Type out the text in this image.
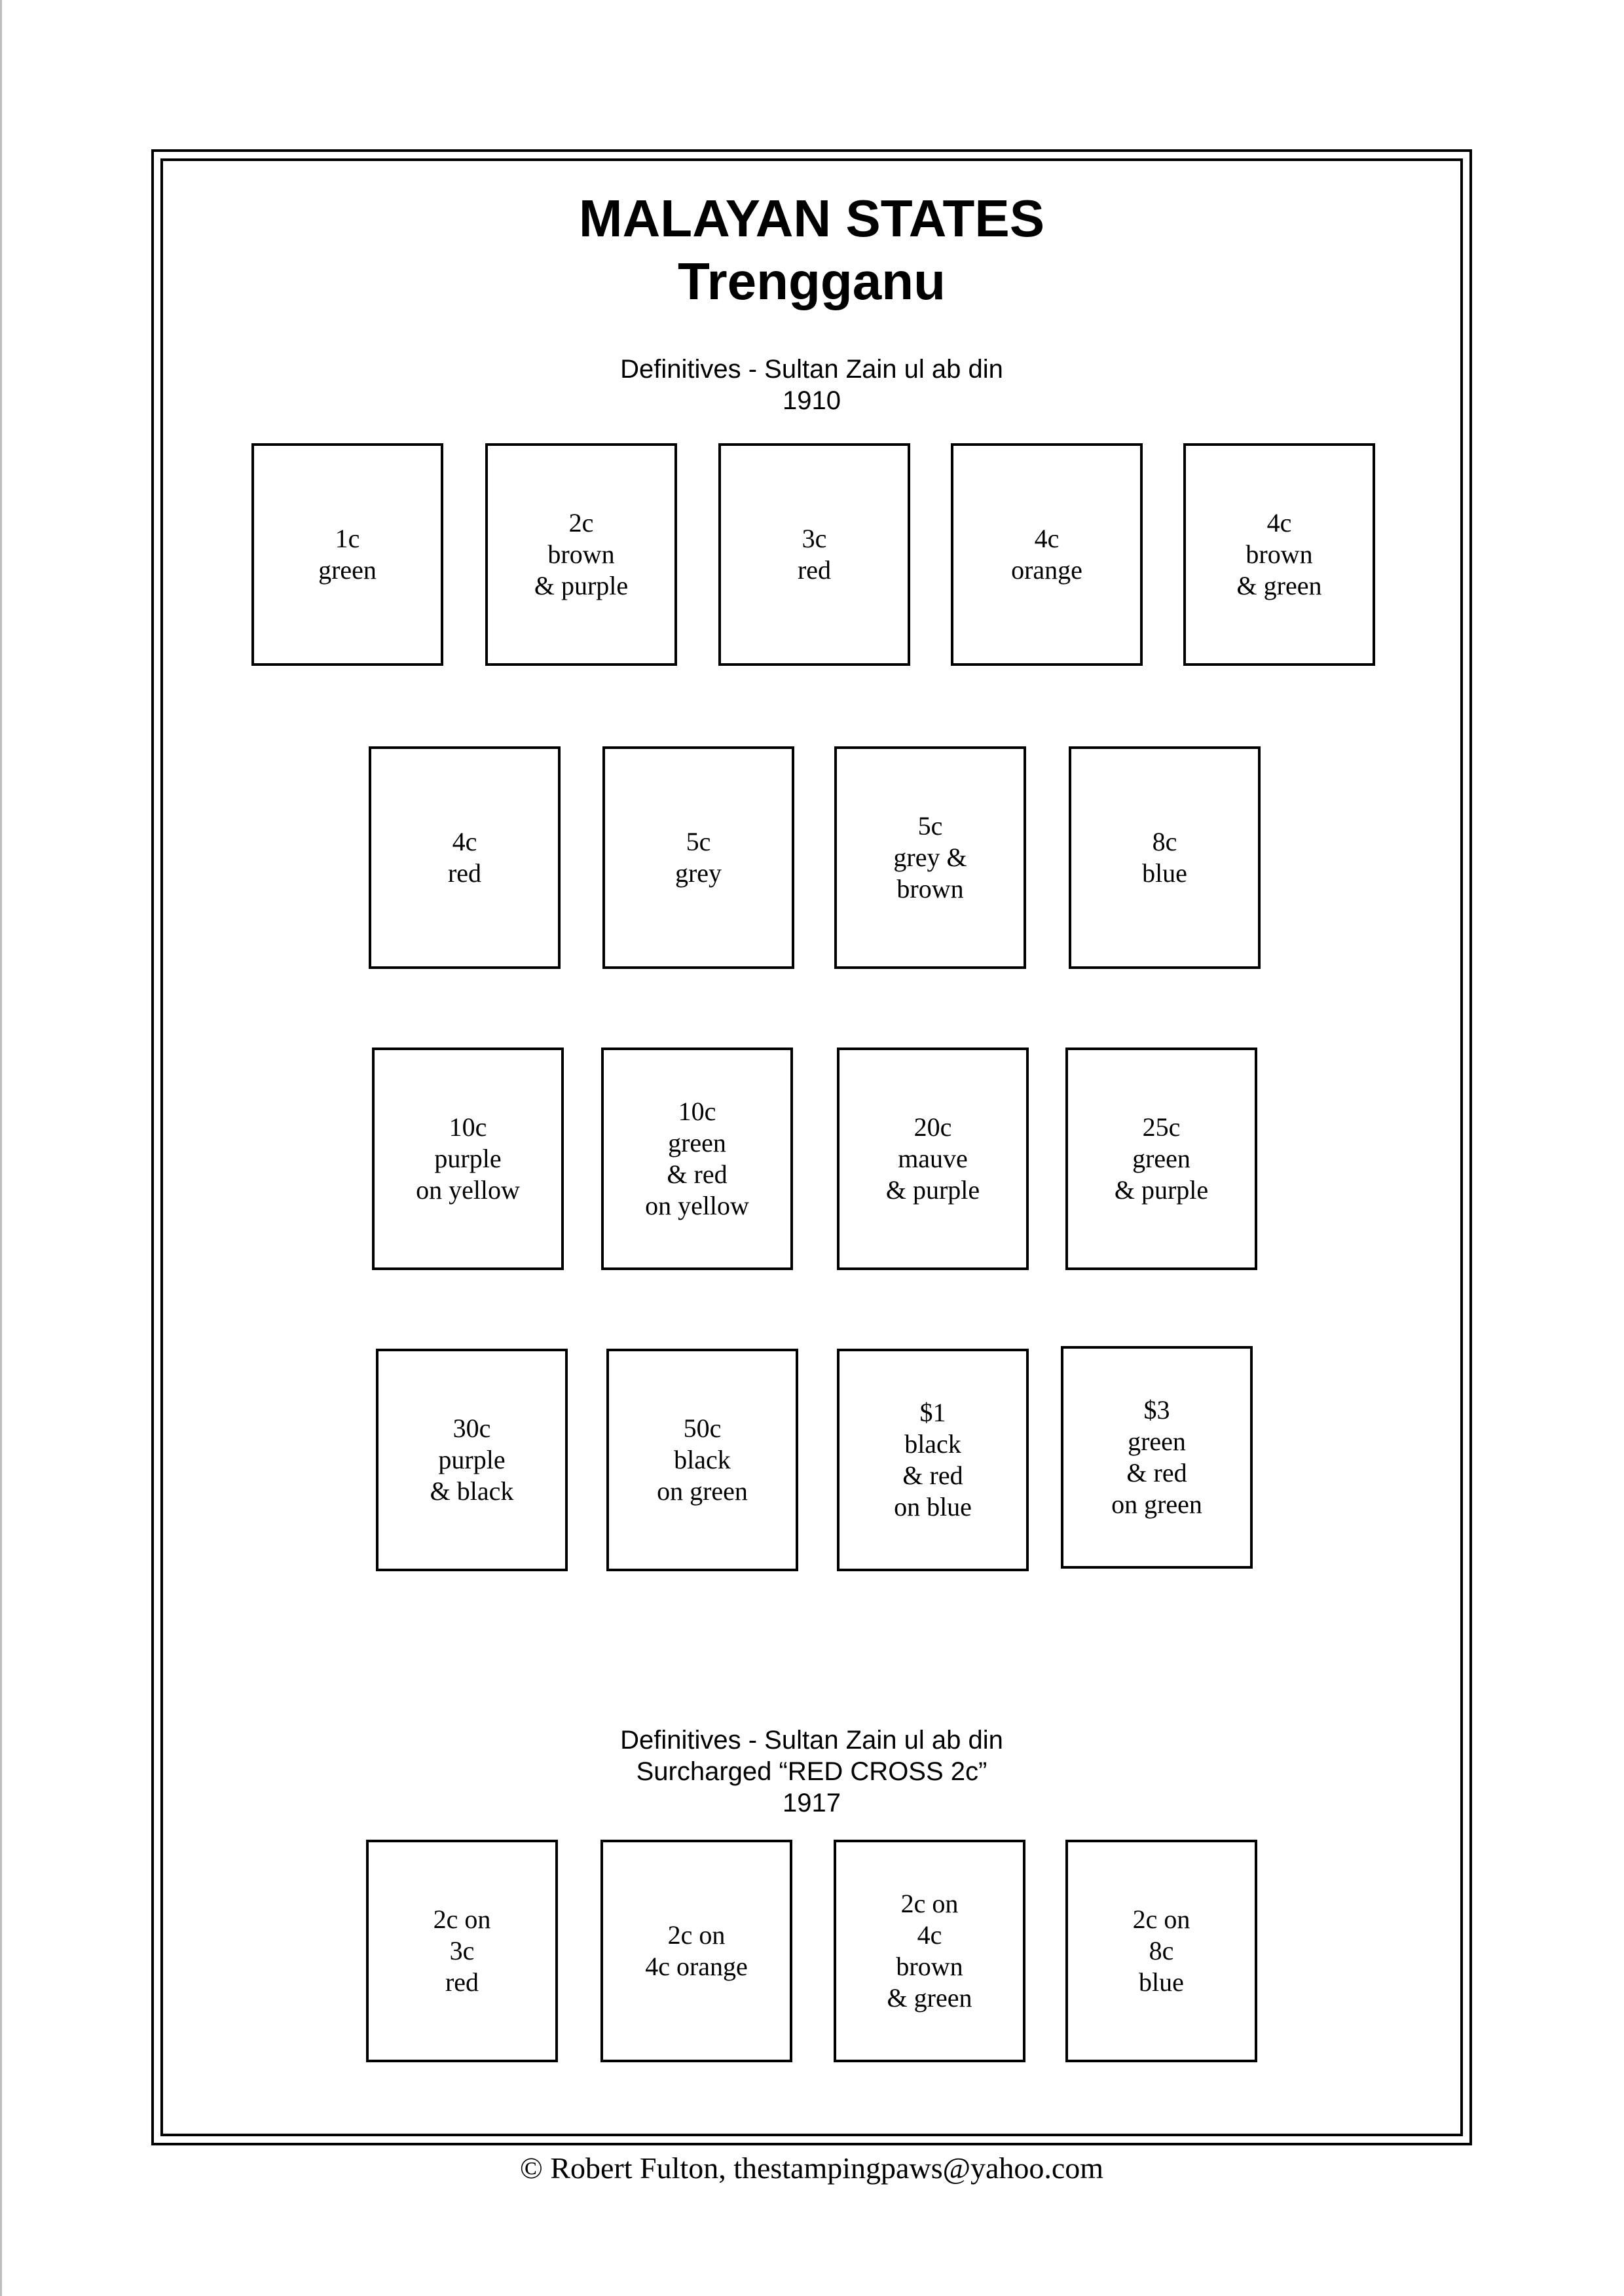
MALAYAN STATES
Trengganu
Definitives - Sultan Zain ul ab din
1910
1c
green
2c
brown
& purple
3c
red
4c
orange
4c
brown
& green
4c
red
5c
grey
5c
grey &
brown
8c
blue
10c
purple
on yellow
10c
green
& red
on yellow
20c
mauve
& purple
25c
green
& purple
30c
purple
& black
50c
black
on green
$1
black
& red
on blue
$3
green
& red
on green
Definitives - Sultan Zain ul ab din
Surcharged “RED CROSS 2c”
1917
2c on
3c
red
2c on
4c orange
2c on
4c
brown
& green
2c on
8c
blue
© Robert Fulton, thestampingpaws@yahoo.com
